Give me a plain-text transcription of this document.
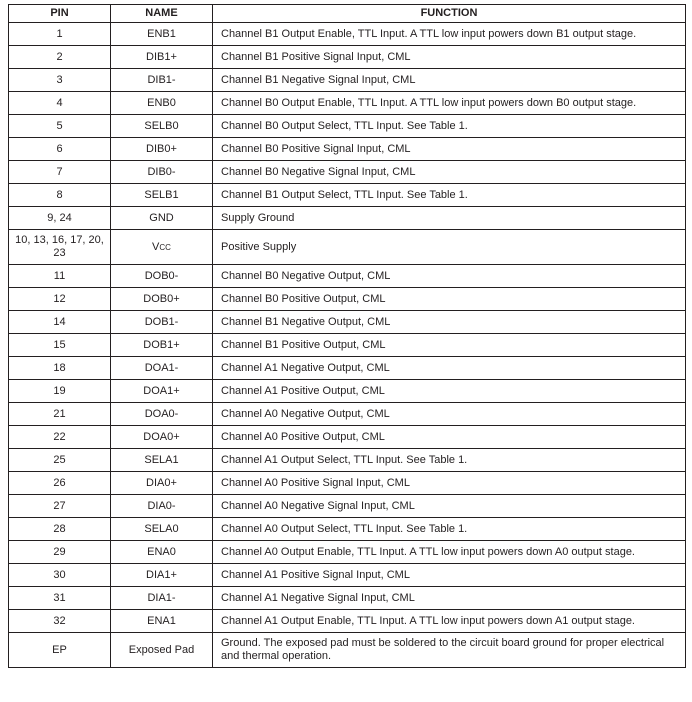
PIN	NAME	FUNCTION
1	ENB1	Channel B1 Output Enable, TTL Input. A TTL low input powers down B1 output stage.
2	DIB1+	Channel B1 Positive Signal Input, CML
3	DIB1-	Channel B1 Negative Signal Input, CML
4	ENB0	Channel B0 Output Enable, TTL Input. A TTL low input powers down B0 output stage.
5	SELB0	Channel B0 Output Select, TTL Input. See Table 1.
6	DIB0+	Channel B0 Positive Signal Input, CML
7	DIB0-	Channel B0 Negative Signal Input, CML
8	SELB1	Channel B1 Output Select, TTL Input. See Table 1.
9, 24	GND	Supply Ground
10, 13, 16, 17, 20, 23	VCC	Positive Supply
11	DOB0-	Channel B0 Negative Output, CML
12	DOB0+	Channel B0 Positive Output, CML
14	DOB1-	Channel B1 Negative Output, CML
15	DOB1+	Channel B1 Positive Output, CML
18	DOA1-	Channel A1 Negative Output, CML
19	DOA1+	Channel A1 Positive Output, CML
21	DOA0-	Channel A0 Negative Output, CML
22	DOA0+	Channel A0 Positive Output, CML
25	SELA1	Channel A1 Output Select, TTL Input. See Table 1.
26	DIA0+	Channel A0 Positive Signal Input, CML
27	DIA0-	Channel A0 Negative Signal Input, CML
28	SELA0	Channel A0 Output Select, TTL Input. See Table 1.
29	ENA0	Channel A0 Output Enable, TTL Input. A TTL low input powers down A0 output stage.
30	DIA1+	Channel A1 Positive Signal Input, CML
31	DIA1-	Channel A1 Negative Signal Input, CML
32	ENA1	Channel A1 Output Enable, TTL Input. A TTL low input powers down A1 output stage.
EP	Exposed Pad	Ground. The exposed pad must be soldered to the circuit board ground for proper electrical and thermal operation.
